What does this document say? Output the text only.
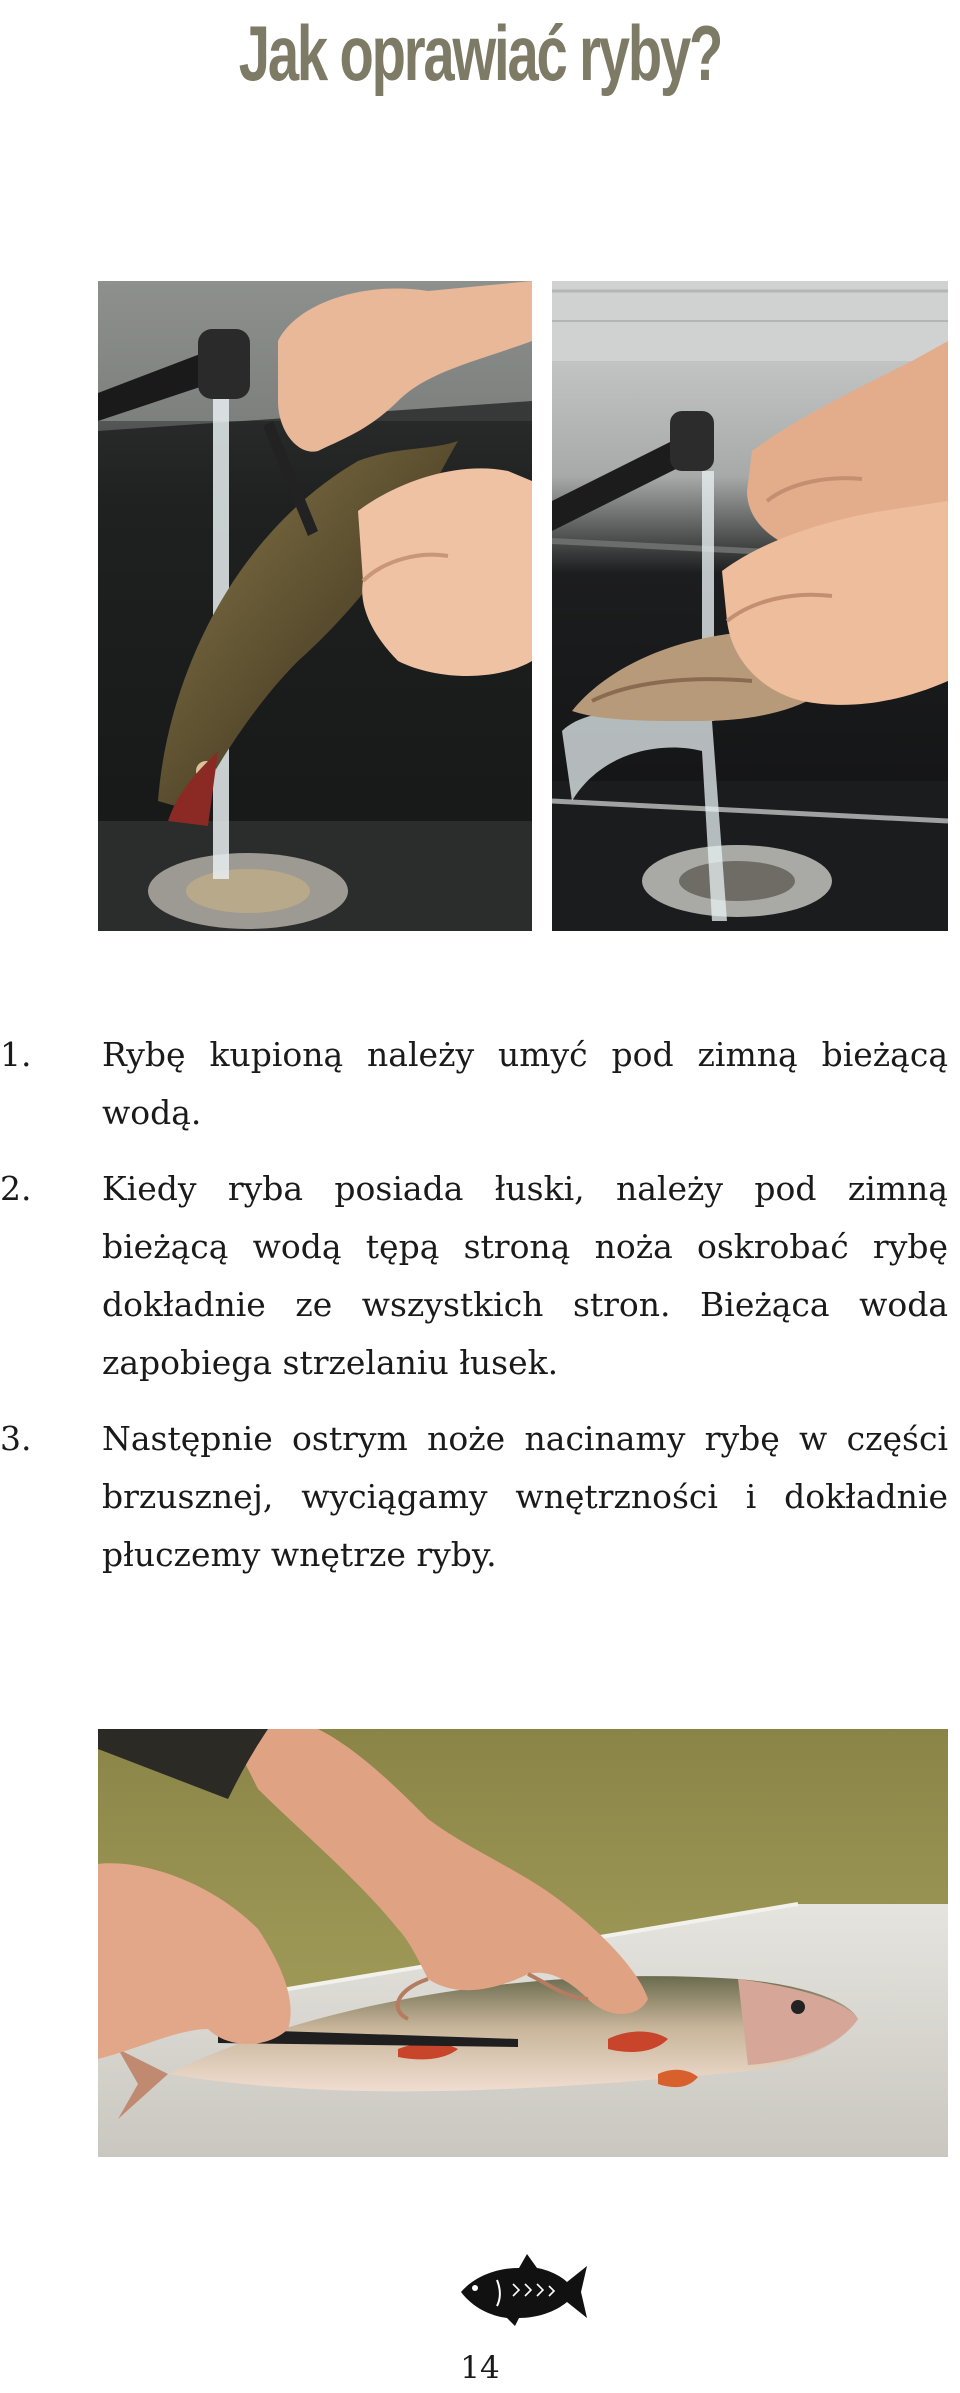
Jak oprawiać ryby?
1. Rybę kupioną należy umyć pod zimną bieżącą wodą.
2. Kiedy ryba posiada łuski, należy pod zimną bieżącą wodą tępą stroną noża oskrobać rybę dokładnie ze wszystkich stron. Bieżąca woda zapobiega strzelaniu łusek.
3. Następnie ostrym noże nacinamy rybę w części brzusznej, wyciągamy wnętrzności i dokładnie płuczemy wnętrze ryby.
14
